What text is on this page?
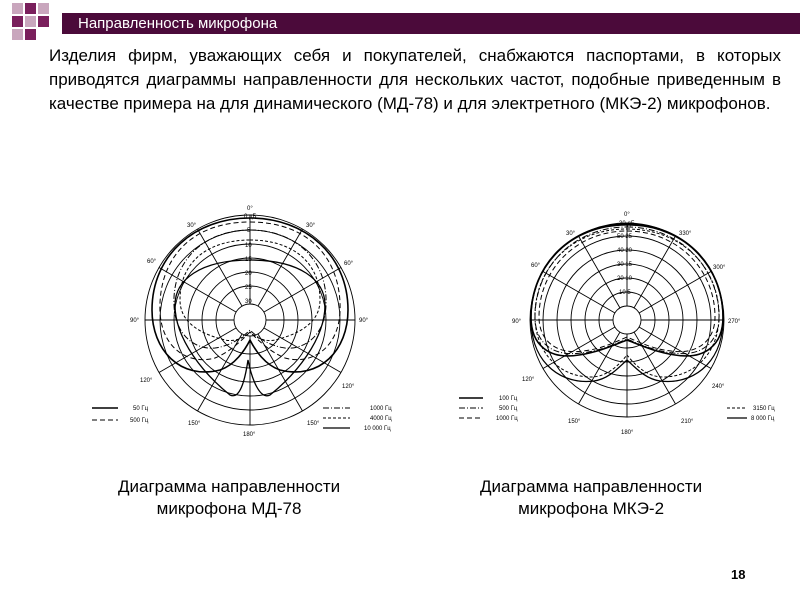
Направленность микрофона
Изделия фирм, уважающих себя и покупателей, снабжаются паспортами, в которых приводятся диаграммы направленности для нескольких частот, подобные приведенным в качестве примера на для динамического (МД-78) и для электретного (МКЭ-2) микрофонов.
0°
30°	30°
60°	60°
90°	90°
120°
120°
150°	150°
180°
0 дБ
5
10
15
20
25
30
50 Гц
500 Гц
1000 Гц
4000 Гц
10 000 Гц
0°
30°	330°
60°	300°
90°	270°
120°
240°
150°	210°
180°
30 дБ
50 25
40 20
30 15
20 10
10 5
100 Гц
500 Гц
1000 Гц
3150 Гц
8 000 Гц
Диаграмма направленности
микрофона МД-78
Диаграмма направленности
микрофона МКЭ-2
18
